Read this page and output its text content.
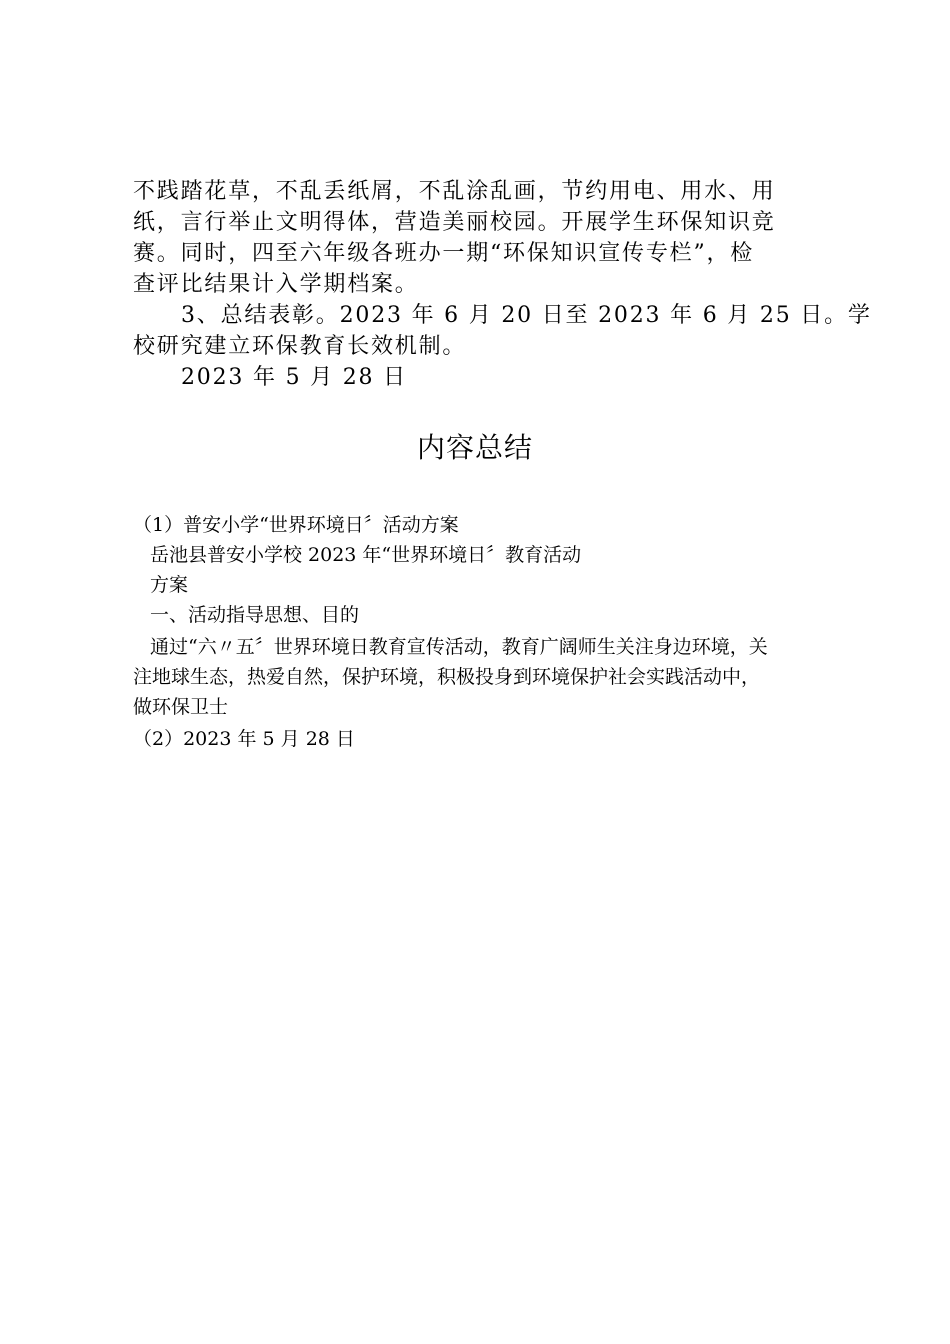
不践踏花草，不乱丢纸屑，不乱涂乱画，节约用电、用水、用
纸，言行举止文明得体，营造美丽校园。开展学生环保知识竞
赛。同时，四至六年级各班办一期“环保知识宣传专栏”，检
查评比结果计入学期档案。
3、总结表彰。2023 年 6 月 20 日至 2023 年 6 月 25 日。学
校研究建立环保教育长效机制。
2023 年 5 月 28 日
内容总结
（1）普安小学“世界环境日〞活动方案
岳池县普安小学校 2023 年“世界环境日〞教育活动
方案
一、活动指导思想、目的
通过“六〃五〞世界环境日教育宣传活动，教育广阔师生关注身边环境，关
注地球生态，热爱自然，保护环境，积极投身到环境保护社会实践活动中，
做环保卫士
（2）2023 年 5 月 28 日
